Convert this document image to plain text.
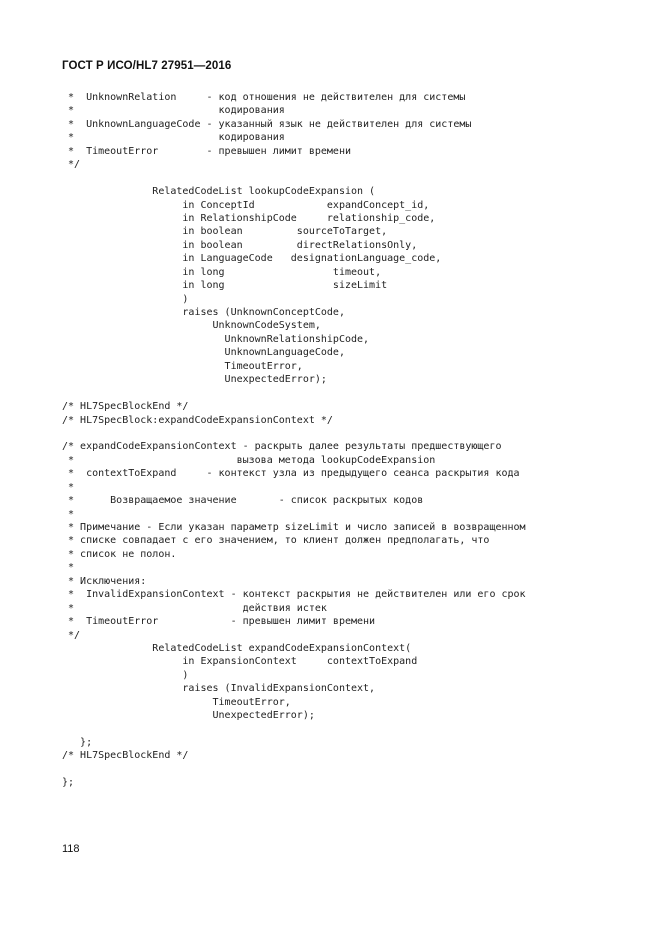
ГОСТ Р ИСО/HL7 27951—2016
*  UnknownRelation     - код отношения не действителен для системы
*                        кодирования
*  UnknownLanguageCode - указанный язык не действителен для системы
*                        кодирования
*  TimeoutError        - превышен лимит времени
*/
RelatedCodeList lookupCodeExpansion (
in ConceptId            expandConcept_id,
in RelationshipCode     relationship_code,
in boolean         sourceToTarget,
in boolean         directRelationsOnly,
in LanguageCode   designationLanguage_code,
in long                  timeout,
in long                  sizeLimit
)
raises (UnknownConceptCode,
UnknownCodeSystem,
UnknownRelationshipCode,
UnknownLanguageCode,
TimeoutError,
UnexpectedError);
/* HL7SpecBlockEnd */
/* HL7SpecBlock:expandCodeExpansionContext */
/* expandCodeExpansionContext - раскрыть далее результаты предшествующего
*                           вызова метода lookupCodeExpansion
*  contextToExpand     - контекст узла из предыдущего сеанса раскрытия кода
*
*      Возвращаемое значение       - список раскрытых кодов
*
* Примечание - Если указан параметр sizeLimit и число записей в возвращенном
* списке совпадает с его значением, то клиент должен предполагать, что
* список не полон.
*
* Исключения:
*  InvalidExpansionContext - контекст раскрытия не действителен или его срок
*                            действия истек
*  TimeoutError            - превышен лимит времени
*/
RelatedCodeList expandCodeExpansionContext(
in ExpansionContext     contextToExpand
)
raises (InvalidExpansionContext,
TimeoutError,
UnexpectedError);
};
/* HL7SpecBlockEnd */
};
118
